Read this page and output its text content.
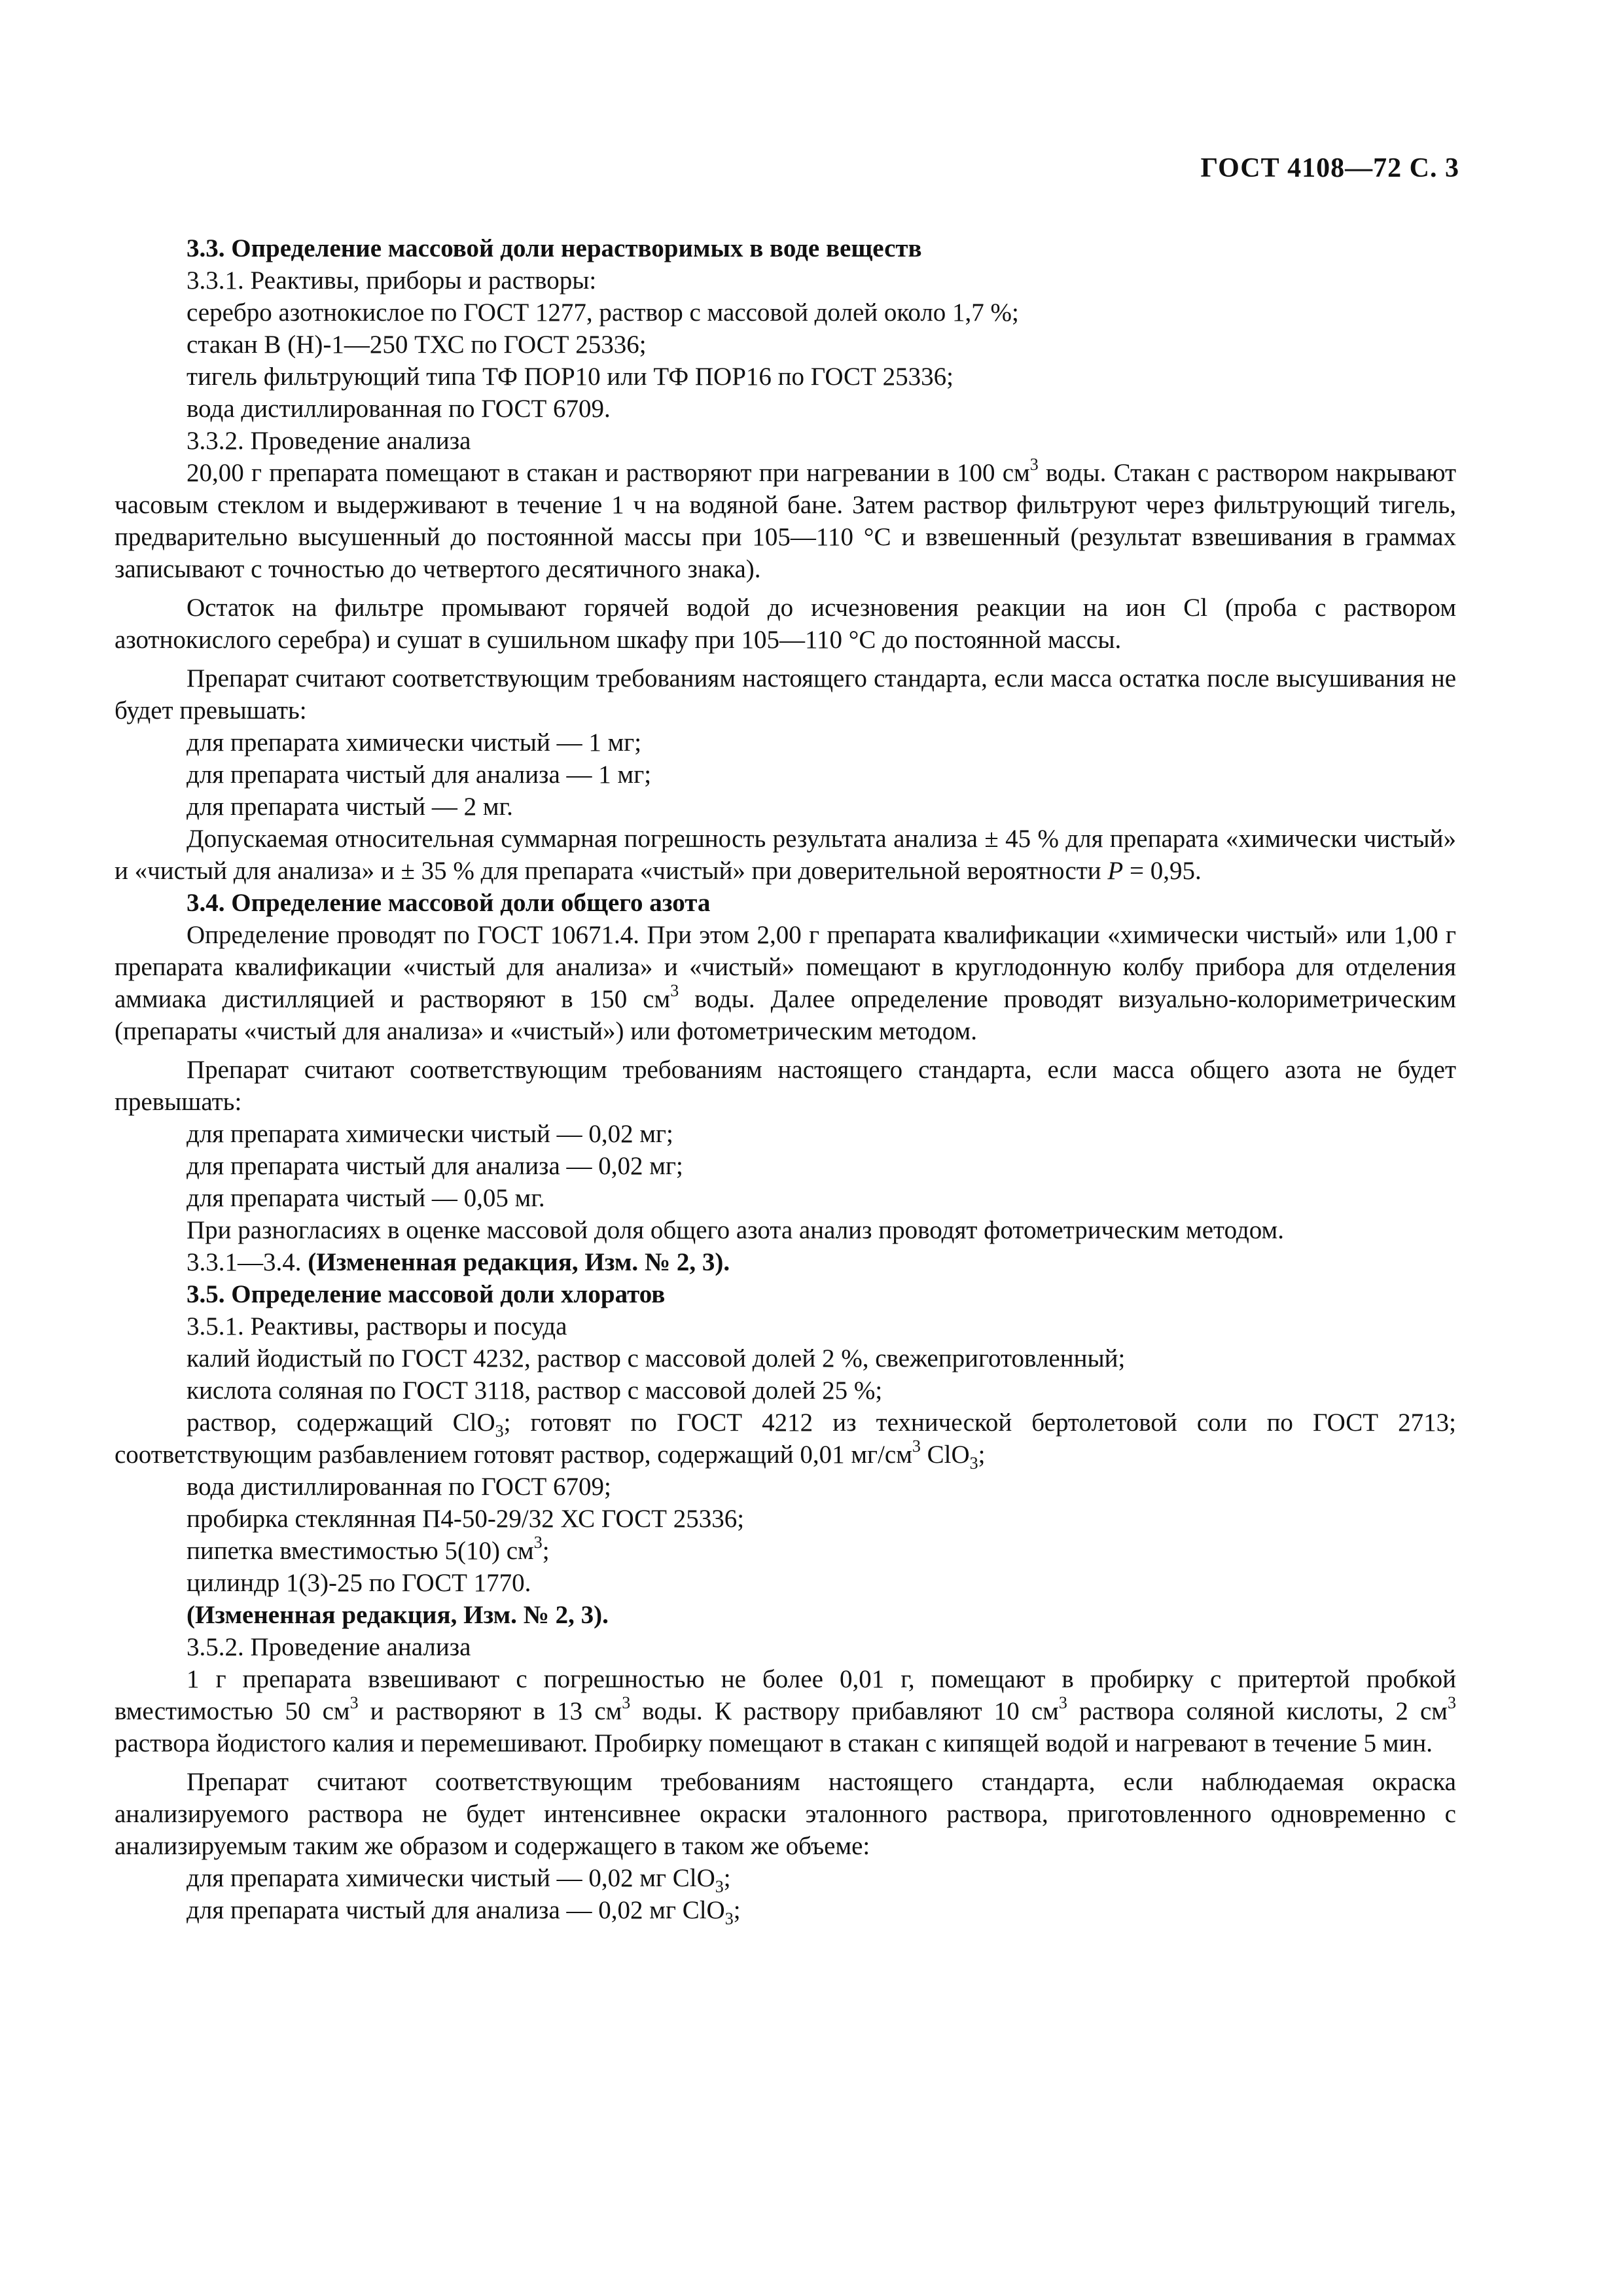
ГОСТ 4108—72 С. 3

3.3. Определение массовой доли нерастворимых в воде веществ

3.3.1. Реактивы, приборы и растворы:

серебро азотнокислое по ГОСТ 1277, раствор с массовой долей около 1,7 %;

стакан В (Н)-1—250 ТХС по ГОСТ 25336;

тигель фильтрующий типа ТФ ПОР10 или ТФ ПОР16 по ГОСТ 25336;

вода дистиллированная по ГОСТ 6709.

3.3.2. Проведение анализа

20,00 г препарата помещают в стакан и растворяют при нагревании в 100 $см^3$ воды. Стакан с раствором накрывают часовым стеклом и выдерживают в течение 1 ч на водяной бане. Затем раствор фильтруют через фильтрующий тигель, предварительно высушенный до постоянной массы при 105—110 °С и взвешенный (результат взвешивания в граммах записывают с точностью до четвертого десятичного знака).

Остаток на фильтре промывают горячей водой до исчезновения реакции на ион Cl (проба с раствором азотнокислого серебра) и сушат в сушильном шкафу при 105—110 °С до постоянной массы.

Препарат считают соответствующим требованиям настоящего стандарта, если масса остатка после высушивания не будет превышать:

для препарата химически чистый — 1 мг;

для препарата чистый для анализа — 1 мг;

для препарата чистый — 2 мг.

Допускаемая относительная суммарная погрешность результата анализа ± 45 % для препарата «химически чистый» и «чистый для анализа» и ± 35 % для препарата «чистый» при доверительной вероятности P = 0,95.

3.4. Определение массовой доли общего азота

Определение проводят по ГОСТ 10671.4. При этом 2,00 г препарата квалификации «химически чистый» или 1,00 г препарата квалификации «чистый для анализа» и «чистый» помещают в круглодонную колбу прибора для отделения аммиака дистилляцией и растворяют в 150 $см^3$ воды. Далее определение проводят визуально-колориметрическим (препараты «чистый для анализа» и «чистый») или фотометрическим методом.

Препарат считают соответствующим требованиям настоящего стандарта, если масса общего азота не будет превышать:

для препарата химически чистый — 0,02 мг;

для препарата чистый для анализа — 0,02 мг;

для препарата чистый — 0,05 мг.

При разногласиях в оценке массовой доля общего азота анализ проводят фотометрическим методом.

3.3.1—3.4. (Измененная редакция, Изм. № 2, 3).

3.5. Определение массовой доли хлоратов

3.5.1. Реактивы, растворы и посуда

калий йодистый по ГОСТ 4232, раствор с массовой долей 2 %, свежеприготовленный;

кислота соляная по ГОСТ 3118, раствор с массовой долей 25 %;

раствор, содержащий ClO$_3$; готовят по ГОСТ 4212 из технической бертолетовой соли по ГОСТ 2713; соответствующим разбавлением готовят раствор, содержащий 0,01 $мг/см^3$ ClO$_3$;

вода дистиллированная по ГОСТ 6709;

пробирка стеклянная П4-50-29/32 ХС ГОСТ 25336;

пипетка вместимостью 5(10) $см^3$;

цилиндр 1(3)-25 по ГОСТ 1770.

(Измененная редакция, Изм. № 2, 3).

3.5.2. Проведение анализа

1 г препарата взвешивают с погрешностью не более 0,01 г, помещают в пробирку с притертой пробкой вместимостью 50 $см^3$ и растворяют в 13 $см^3$ воды. К раствору прибавляют 10 $см^3$ раствора соляной кислоты, 2 $см^3$ раствора йодистого калия и перемешивают. Пробирку помещают в стакан с кипящей водой и нагревают в течение 5 мин.

Препарат считают соответствующим требованиям настоящего стандарта, если наблюдаемая окраска анализируемого раствора не будет интенсивнее окраски эталонного раствора, приготовленного одновременно с анализируемым таким же образом и содержащего в таком же объеме:

для препарата химически чистый — 0,02 мг ClO$_3$;

для препарата чистый для анализа — 0,02 мг ClO$_3$;
